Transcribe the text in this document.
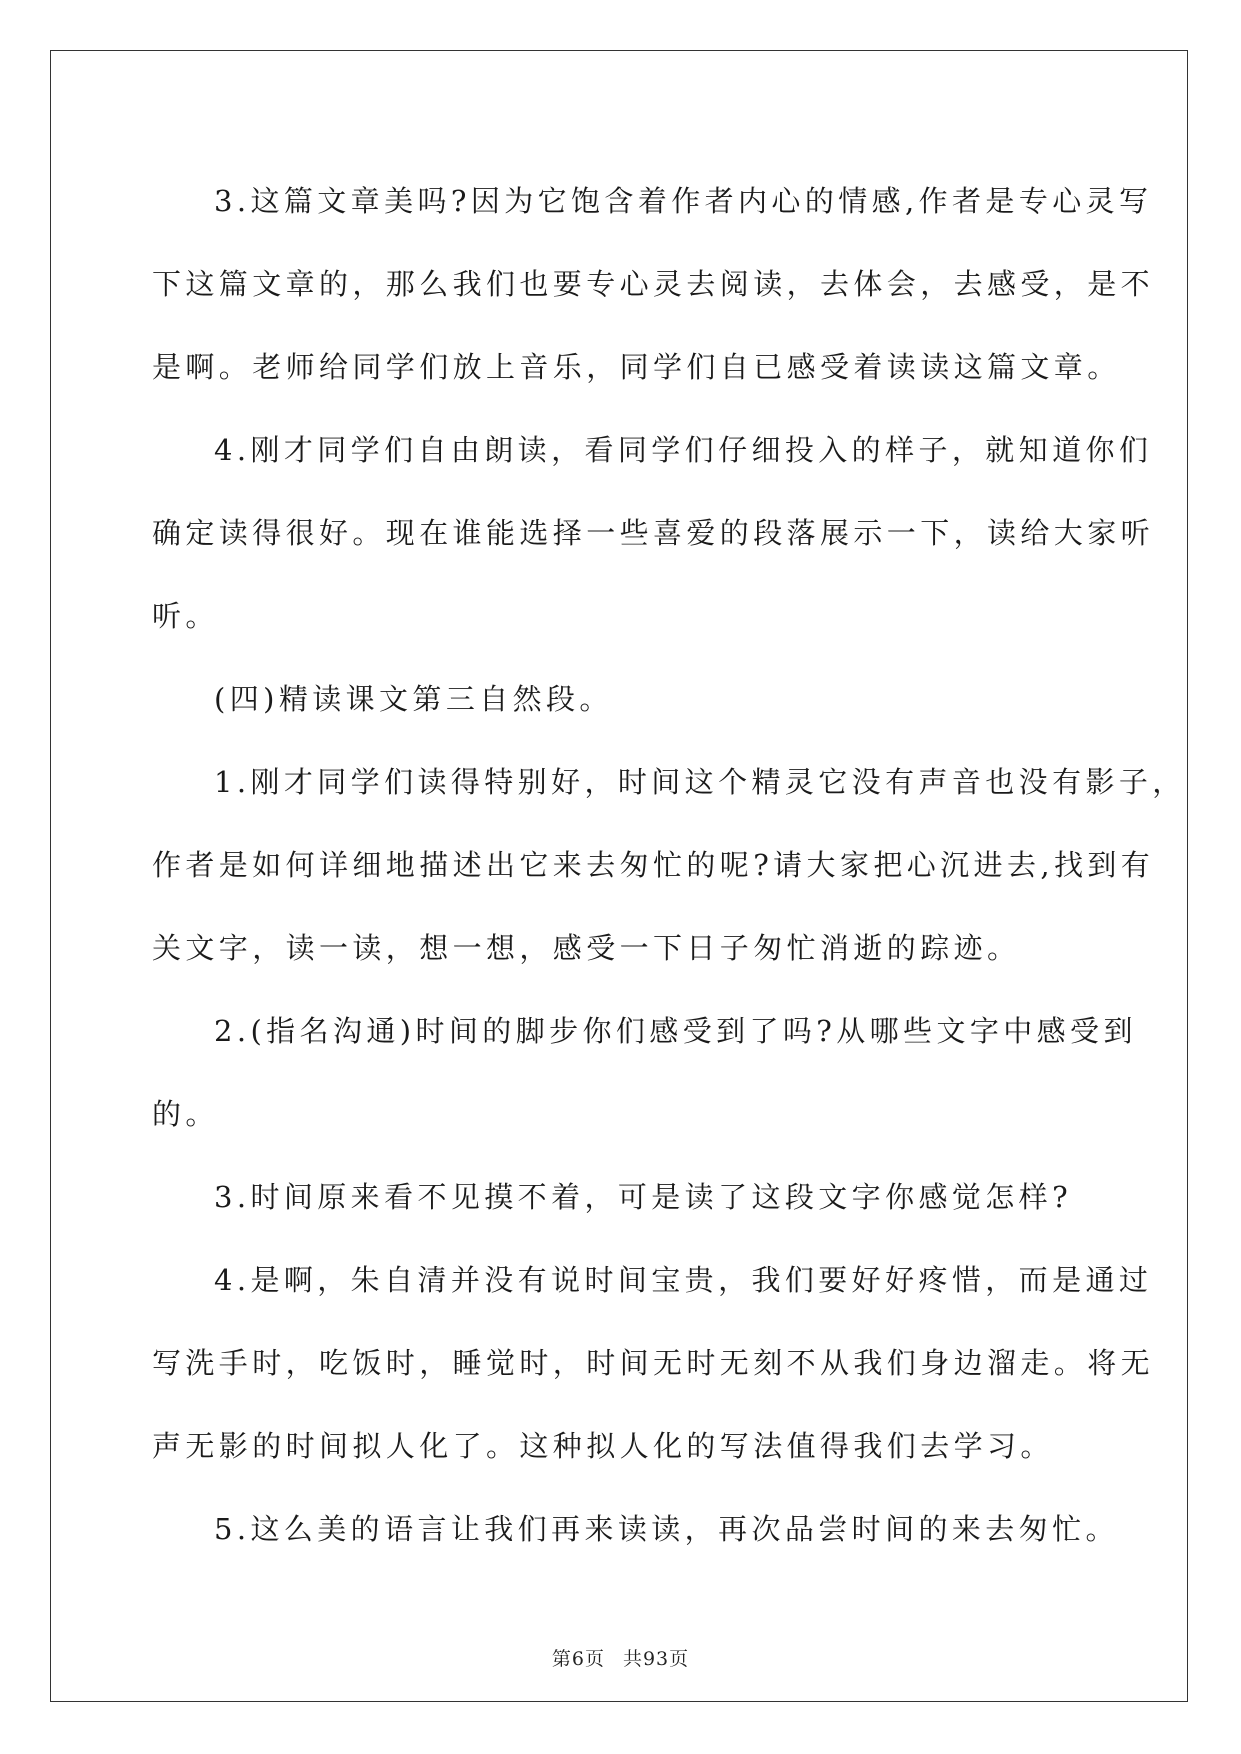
3.这篇文章美吗?因为它饱含着作者内心的情感,作者是专心灵写
下这篇文章的，那么我们也要专心灵去阅读，去体会，去感受，是不
是啊。老师给同学们放上音乐，同学们自已感受着读读这篇文章。

4.刚才同学们自由朗读，看同学们仔细投入的样子，就知道你们
确定读得很好。现在谁能选择一些喜爱的段落展示一下，读给大家听
听。

(四)精读课文第三自然段。

1.刚才同学们读得特别好，时间这个精灵它没有声音也没有影子，
作者是如何详细地描述出它来去匆忙的呢?请大家把心沉进去,找到有
关文字，读一读，想一想，感受一下日子匆忙消逝的踪迹。

2.(指名沟通)时间的脚步你们感受到了吗?从哪些文字中感受到
的。

3.时间原来看不见摸不着，可是读了这段文字你感觉怎样?

4.是啊，朱自清并没有说时间宝贵，我们要好好疼惜，而是通过
写洗手时，吃饭时，睡觉时，时间无时无刻不从我们身边溜走。将无
声无影的时间拟人化了。这种拟人化的写法值得我们去学习。

5.这么美的语言让我们再来读读，再次品尝时间的来去匆忙。

第6页 共93页
